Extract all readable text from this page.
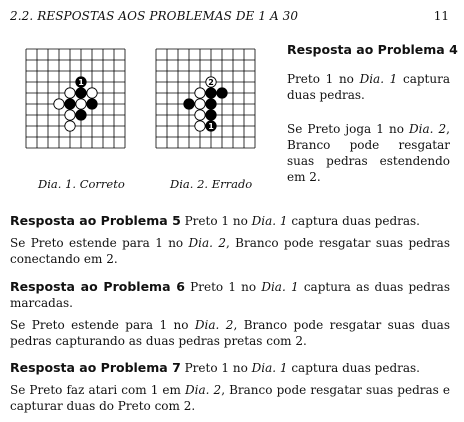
2.2. RESPOSTAS AOS PROBLEMAS DE 1 A 30	11
1	2
1
Dia. 1. Correto	Dia. 2. Errado
Resposta ao Problema 4

Preto 1 no Dia. 1 captura duas pedras.

Se Preto joga 1 no Dia. 2, Branco pode resgatar suas pedras estendendo em 2.

Resposta ao Problema 5 Preto 1 no Dia. 1 captura duas pedras.

Se Preto estende para 1 no Dia. 2, Branco pode resgatar suas pedras conectando em 2.

Resposta ao Problema 6 Preto 1 no Dia. 1 captura as duas pedras marcadas.

Se Preto estende para 1 no Dia. 2, Branco pode resgatar suas duas pedras capturando as duas pedras pretas com 2.

Resposta ao Problema 7 Preto 1 no Dia. 1 captura duas pedras.

Se Preto faz atari com 1 em Dia. 2, Branco pode resgatar suas pedras e capturar duas do Preto com 2.
